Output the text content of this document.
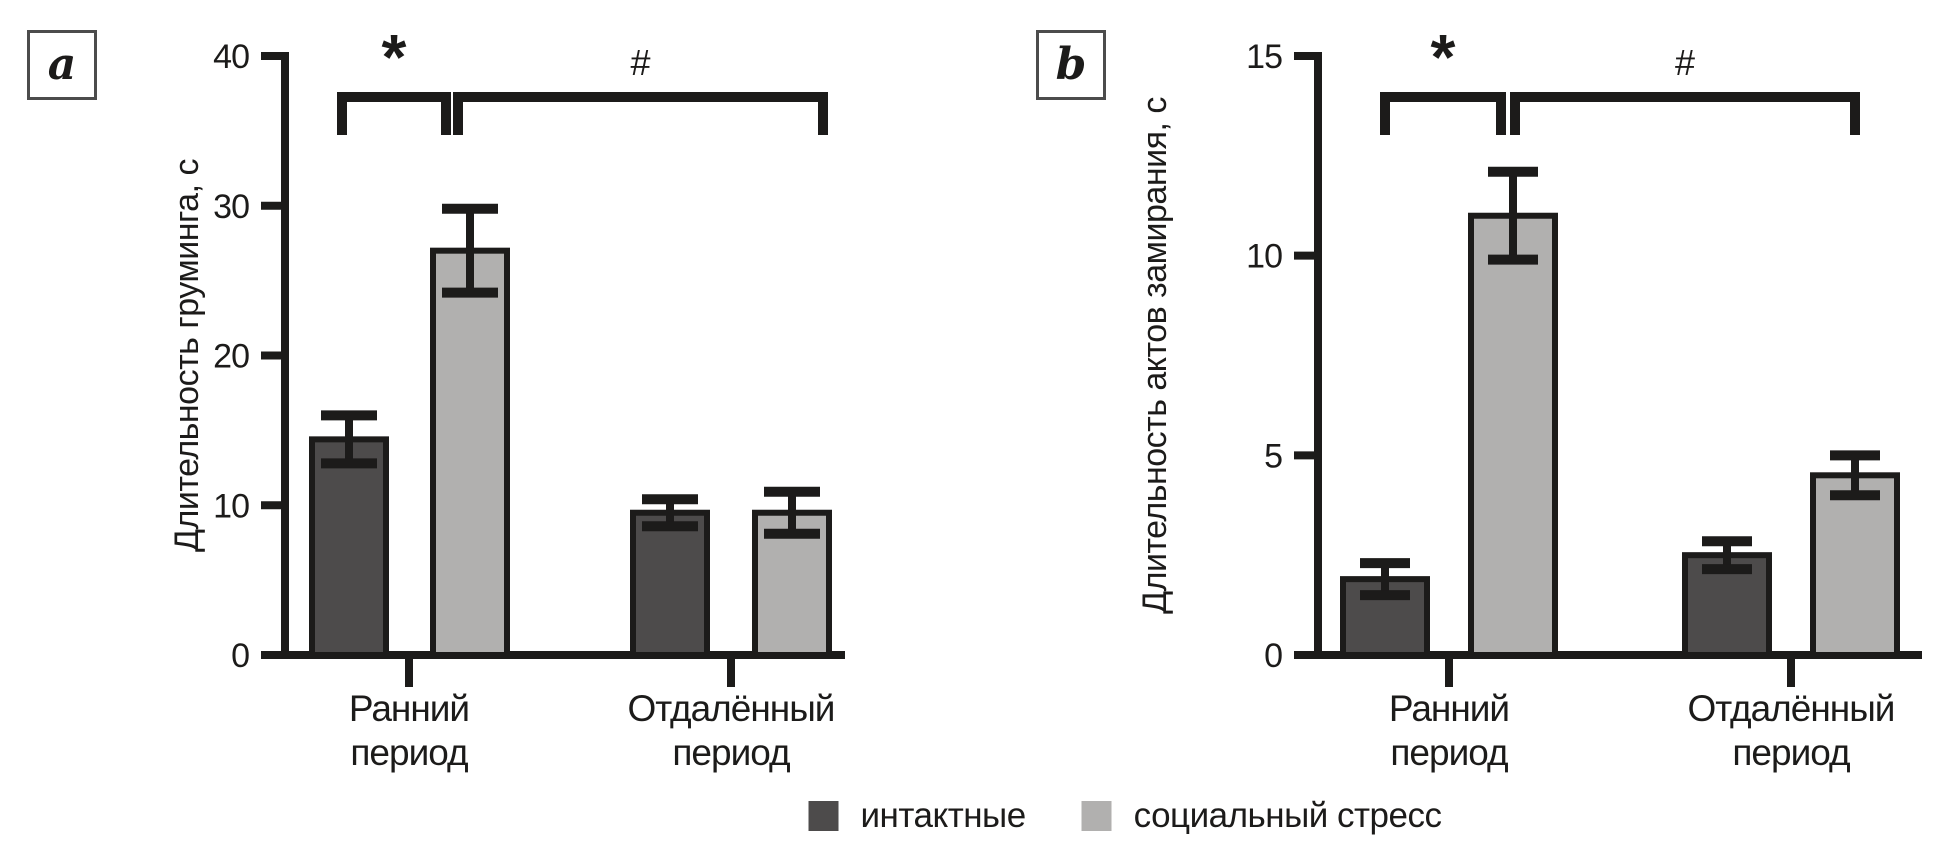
0
10
20
30
40
Длительность груминга, с
Ранний
период
Отдалённый
период
*	#
0
5
10
15
Длительность актов замирания, с
Ранний
период
Отдалённый
период
*	#
a	b
интактные	социальный стресс
